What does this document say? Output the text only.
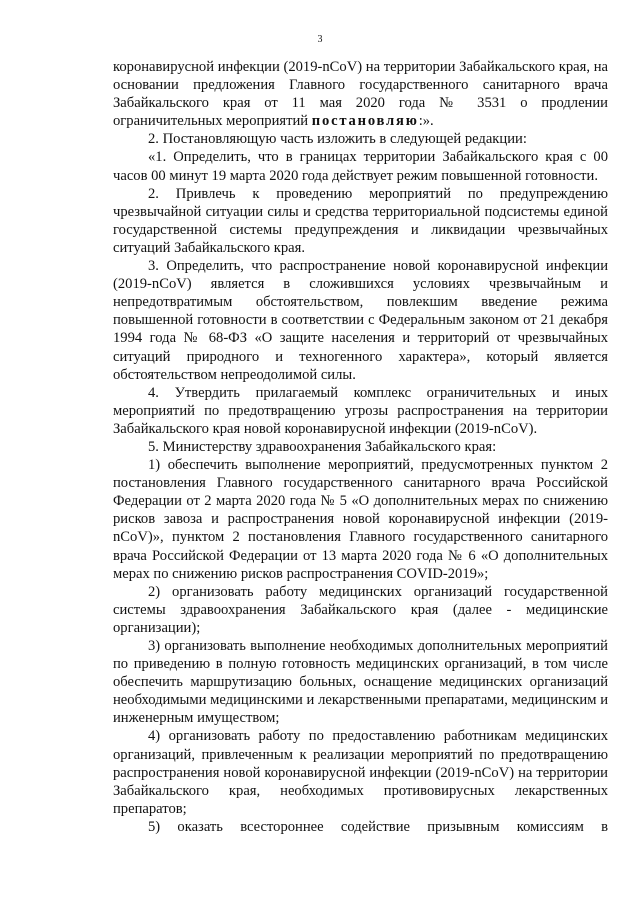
3

коронавирусной инфекции (2019-nCoV) на территории Забайкальского края, на основании предложения Главного государственного санитарного врача Забайкальского края от 11 мая 2020 года № 3531 о продлении ограничительных мероприятий постановляю:».

2. Постановляющую часть изложить в следующей редакции:

«1. Определить, что в границах территории Забайкальского края с 00 часов 00 минут 19 марта 2020 года действует режим повышенной готовности.

2. Привлечь к проведению мероприятий по предупреждению чрезвычайной ситуации силы и средства территориальной подсистемы единой государственной системы предупреждения и ликвидации чрезвычайных ситуаций Забайкальского края.

3. Определить, что распространение новой коронавирусной инфекции (2019-nCoV) является в сложившихся условиях чрезвычайным и непредотвратимым обстоятельством, повлекшим введение режима повышенной готовности в соответствии с Федеральным законом от 21 декабря 1994 года № 68-ФЗ «О защите населения и территорий от чрезвычайных ситуаций природного и техногенного характера», который является обстоятельством непреодолимой силы.

4. Утвердить прилагаемый комплекс ограничительных и иных мероприятий по предотвращению угрозы распространения на территории Забайкальского края новой коронавирусной инфекции (2019-nCoV).

5. Министерству здравоохранения Забайкальского края:

1) обеспечить выполнение мероприятий, предусмотренных пунктом 2 постановления Главного государственного санитарного врача Российской Федерации от 2 марта 2020 года № 5 «О дополнительных мерах по снижению рисков завоза и распространения новой коронавирусной инфекции (2019-nCoV)», пунктом 2 постановления Главного государственного санитарного врача Российской Федерации от 13 марта 2020 года № 6 «О дополнительных мерах по снижению рисков распространения COVID-2019»;

2) организовать работу медицинских организаций государственной системы здравоохранения Забайкальского края (далее - медицинские организации);

3) организовать выполнение необходимых дополнительных мероприятий по приведению в полную готовность медицинских организаций, в том числе обеспечить маршрутизацию больных, оснащение медицинских организаций необходимыми медицинскими и лекарственными препаратами, медицинским и инженерным имуществом;

4) организовать работу по предоставлению работникам медицинских организаций, привлеченным к реализации мероприятий по предотвращению распространения новой коронавирусной инфекции (2019-nCoV) на территории Забайкальского края, необходимых противовирусных лекарственных препаратов;

5) оказать всестороннее содействие призывным комиссиям в
